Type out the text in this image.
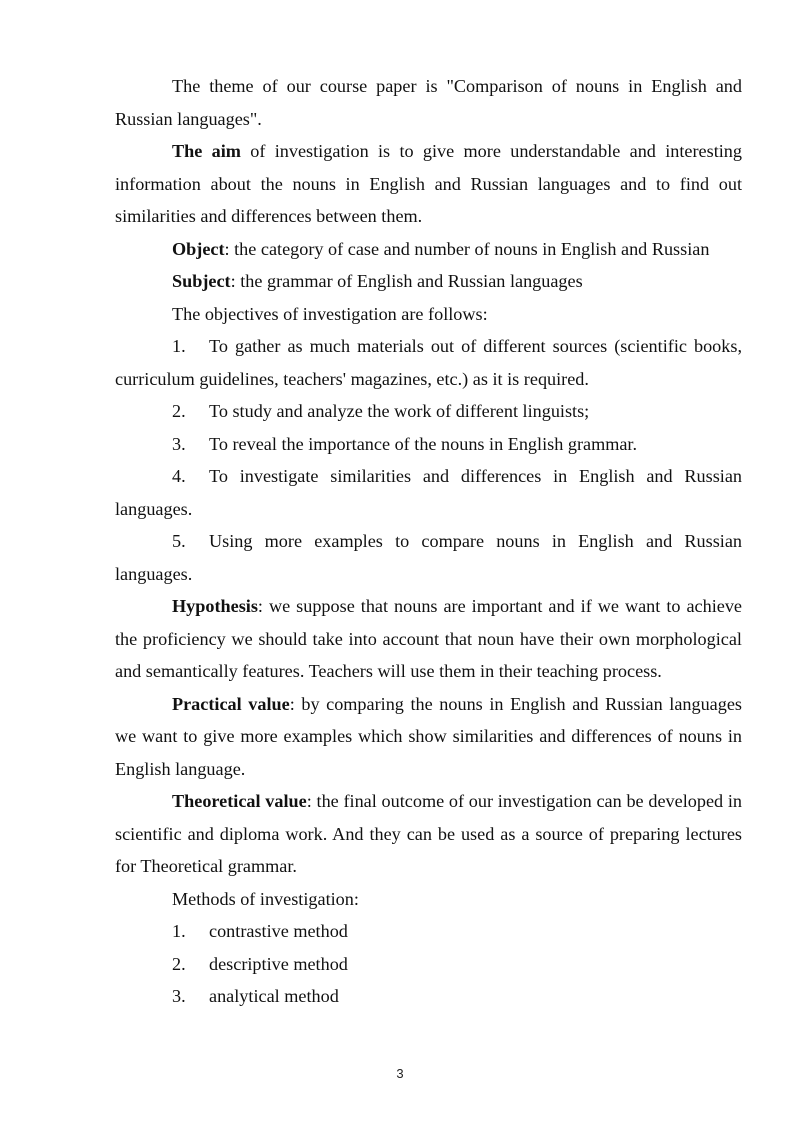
The theme of our course paper is "Comparison of nouns in English and Russian languages".

The aim of investigation is to give more understandable and interesting information about the nouns in English and Russian languages and to find out similarities and differences between them.

Object: the category of case and number of nouns in English and Russian

Subject: the grammar of English and Russian languages

The objectives of investigation are follows:

1. To gather as much materials out of different sources (scientific books, curriculum guidelines, teachers' magazines, etc.) as it is required.

2. To study and analyze the work of different linguists;

3. To reveal the importance of the nouns in English grammar.

4. To investigate similarities and differences in English and Russian languages.

5. Using more examples to compare nouns in English and Russian languages.

Hypothesis: we suppose that nouns are important and if we want to achieve the proficiency we should take into account that noun have their own morphological and semantically features. Teachers will use them in their teaching process.

Practical value: by comparing the nouns in English and Russian languages we want to give more examples which show similarities and differences of nouns in English language.

Theoretical value: the final outcome of our investigation can be developed in scientific and diploma work. And they can be used as a source of preparing lectures for Theoretical grammar.

Methods of investigation:

1. contrastive method

2. descriptive method

3. analytical method

3
